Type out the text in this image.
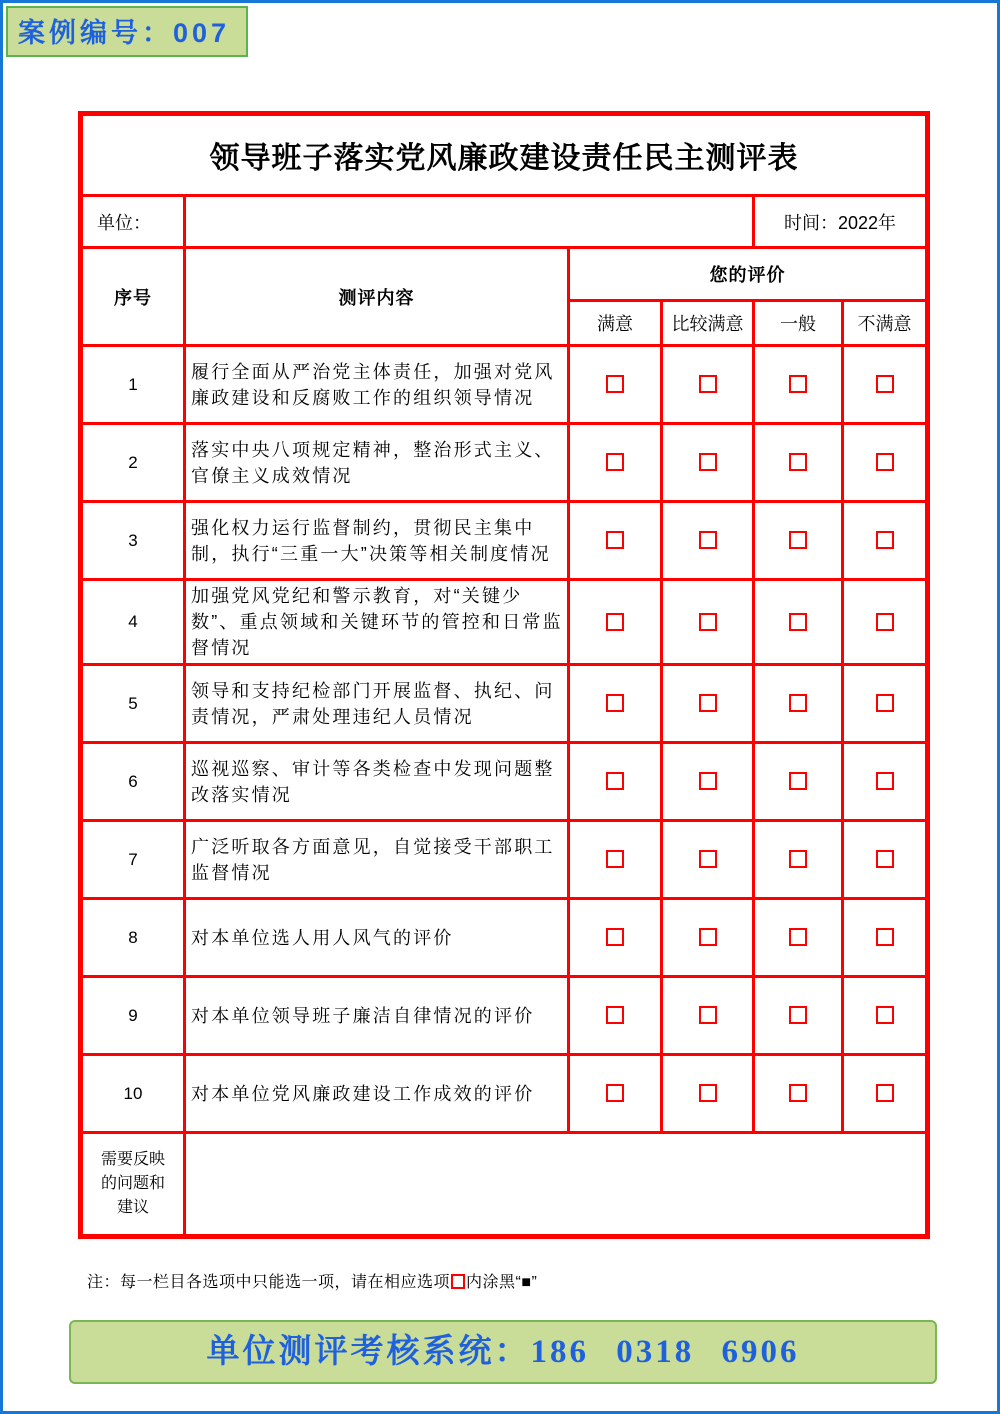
案例编号：007
领导班子落实党风廉政建设责任民主测评表					
单位：				时间：2022年	
序号	测评内容	您的评价			
		满意	比较满意	一般	不满意
1	履行全面从严治党主体责任，加强对党风廉政建设和反腐败工作的组织领导情况				
2	落实中央八项规定精神，整治形式主义、官僚主义成效情况				
3	强化权力运行监督制约，贯彻民主集中制，执行“三重一大”决策等相关制度情况				
4	加强党风党纪和警示教育，对“关键少数”、重点领域和关键环节的管控和日常监督情况				
5	领导和支持纪检部门开展监督、执纪、问责情况，严肃处理违纪人员情况				
6	巡视巡察、审计等各类检查中发现问题整改落实情况				
7	广泛听取各方面意见，自觉接受干部职工监督情况				
8	对本单位选人用人风气的评价				
9	对本单位领导班子廉洁自律情况的评价				
10	对本单位党风廉政建设工作成效的评价				
需要反映的问题和建议					
注：每一栏目各选项中只能选一项，请在相应选项 内涂黑“■”
单位测评考核系统：186 0318 6906
